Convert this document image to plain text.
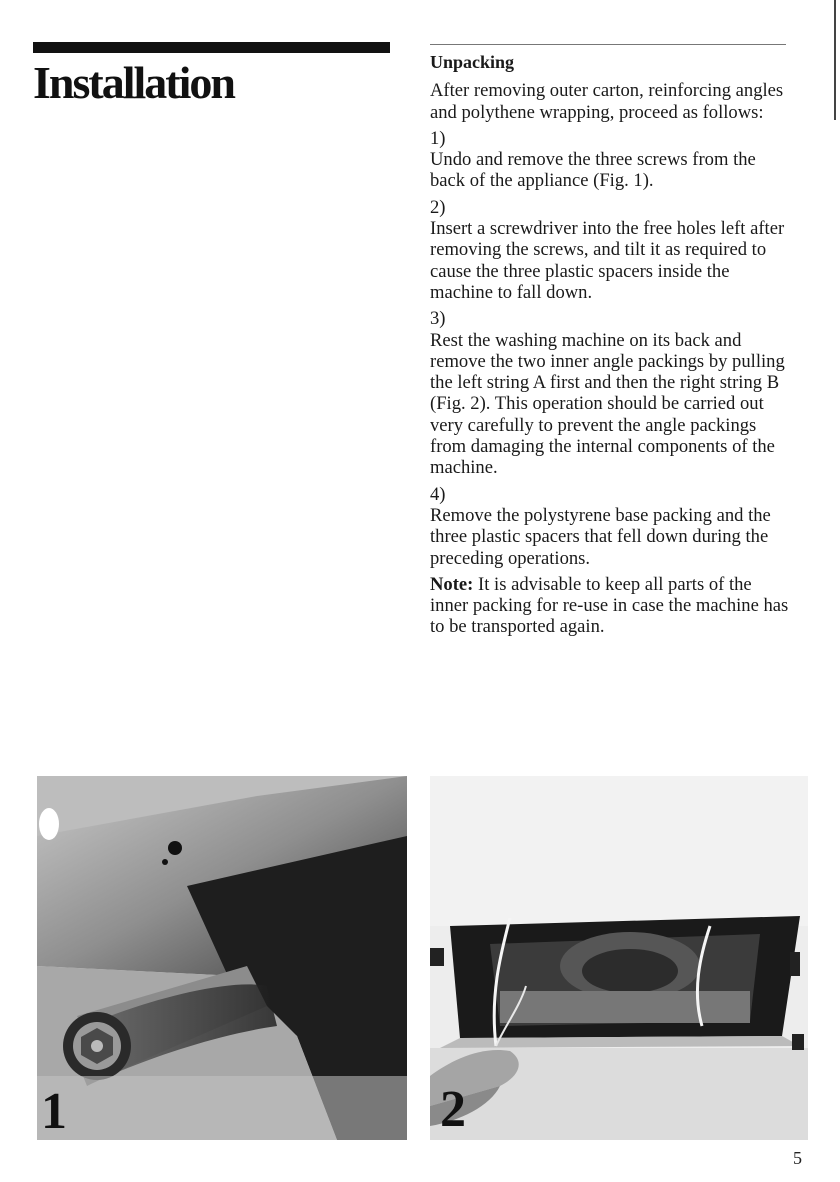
Installation	Unpacking

After removing outer carton, reinforcing angles and polythene wrapping, proceed as follows:

1)
Undo and remove the three screws from the back of the appliance (Fig. 1).

2)
Insert a screwdriver into the free holes left after removing the screws, and tilt it as required to cause the three plastic spacers inside the machine to fall down.

3)
Rest the washing machine on its back and remove the two inner angle packings by pulling the left string A first and then the right string B (Fig. 2). This operation should be carried out very carefully to prevent the angle packings from damaging the internal components of the machine.

4)
Remove the polystyrene base packing and the three plastic spacers that fell down during the preceding operations.

Note: It is advisable to keep all parts of the inner packing for re-use in case the machine has to be transported again.

1	2
5
